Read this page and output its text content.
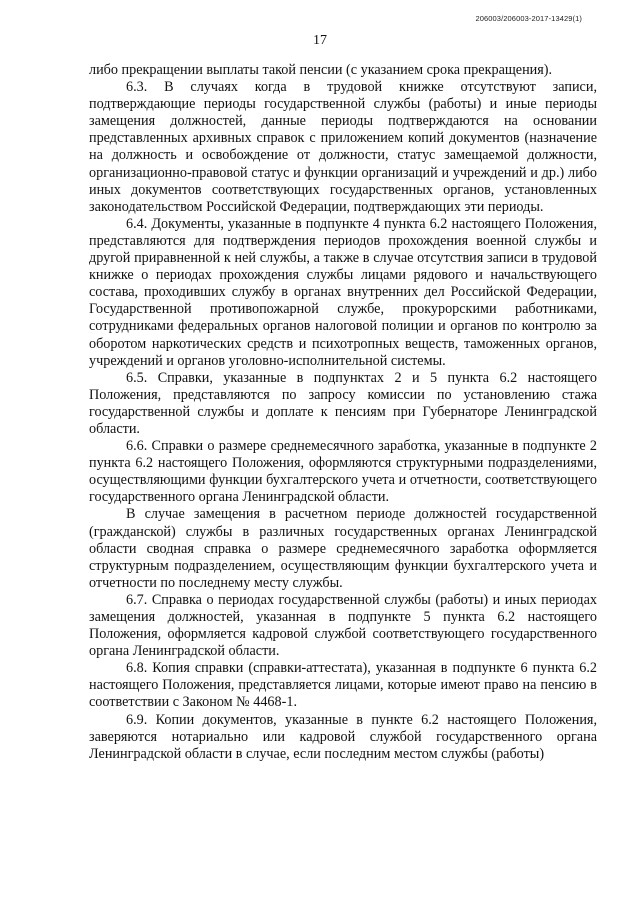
206003/206003-2017-13429(1)
17

либо прекращении выплаты такой пенсии (с указанием срока прекращения).

6.3. В случаях когда в трудовой книжке отсутствуют записи, подтверждающие периоды государственной службы (работы) и иные периоды замещения должностей, данные периоды подтверждаются на основании представленных архивных справок с приложением копий документов (назначение на должность и освобождение от должности, статус замещаемой должности, организационно-правовой статус и функции организаций и учреждений и др.) либо иных документов соответствующих государственных органов, установленных законодательством Российской Федерации, подтверждающих эти периоды.

6.4. Документы, указанные в подпункте 4 пункта 6.2 настоящего Положения, представляются для подтверждения периодов прохождения военной службы и другой приравненной к ней службы, а также в случае отсутствия записи в трудовой книжке о периодах прохождения службы лицами рядового и начальствующего состава, проходивших службу в органах внутренних дел Российской Федерации, Государственной противопожарной службе, прокурорскими работниками, сотрудниками федеральных органов налоговой полиции и органов по контролю за оборотом наркотических средств и психотропных веществ, таможенных органов, учреждений и органов уголовно-исполнительной системы.

6.5. Справки, указанные в подпунктах 2 и 5 пункта 6.2 настоящего Положения, представляются по запросу комиссии по установлению стажа государственной службы и доплате к пенсиям при Губернаторе Ленинградской области.

6.6. Справки о размере среднемесячного заработка, указанные в подпункте 2 пункта 6.2 настоящего Положения, оформляются структурными подразделениями, осуществляющими функции бухгалтерского учета и отчетности, соответствующего государственного органа Ленинградской области.

В случае замещения в расчетном периоде должностей государственной (гражданской) службы в различных государственных органах Ленинградской области сводная справка о размере среднемесячного заработка оформляется структурным подразделением, осуществляющим функции бухгалтерского учета и отчетности по последнему месту службы.

6.7. Справка о периодах государственной службы (работы) и иных периодах замещения должностей, указанная в подпункте 5 пункта 6.2 настоящего Положения, оформляется кадровой службой соответствующего государственного органа Ленинградской области.

6.8. Копия справки (справки-аттестата), указанная в подпункте 6 пункта 6.2 настоящего Положения, представляется лицами, которые имеют право на пенсию в соответствии с Законом № 4468-1.

6.9. Копии документов, указанные в пункте 6.2 настоящего Положения, заверяются нотариально или кадровой службой государственного органа Ленинградской области в случае, если последним местом службы (работы)
